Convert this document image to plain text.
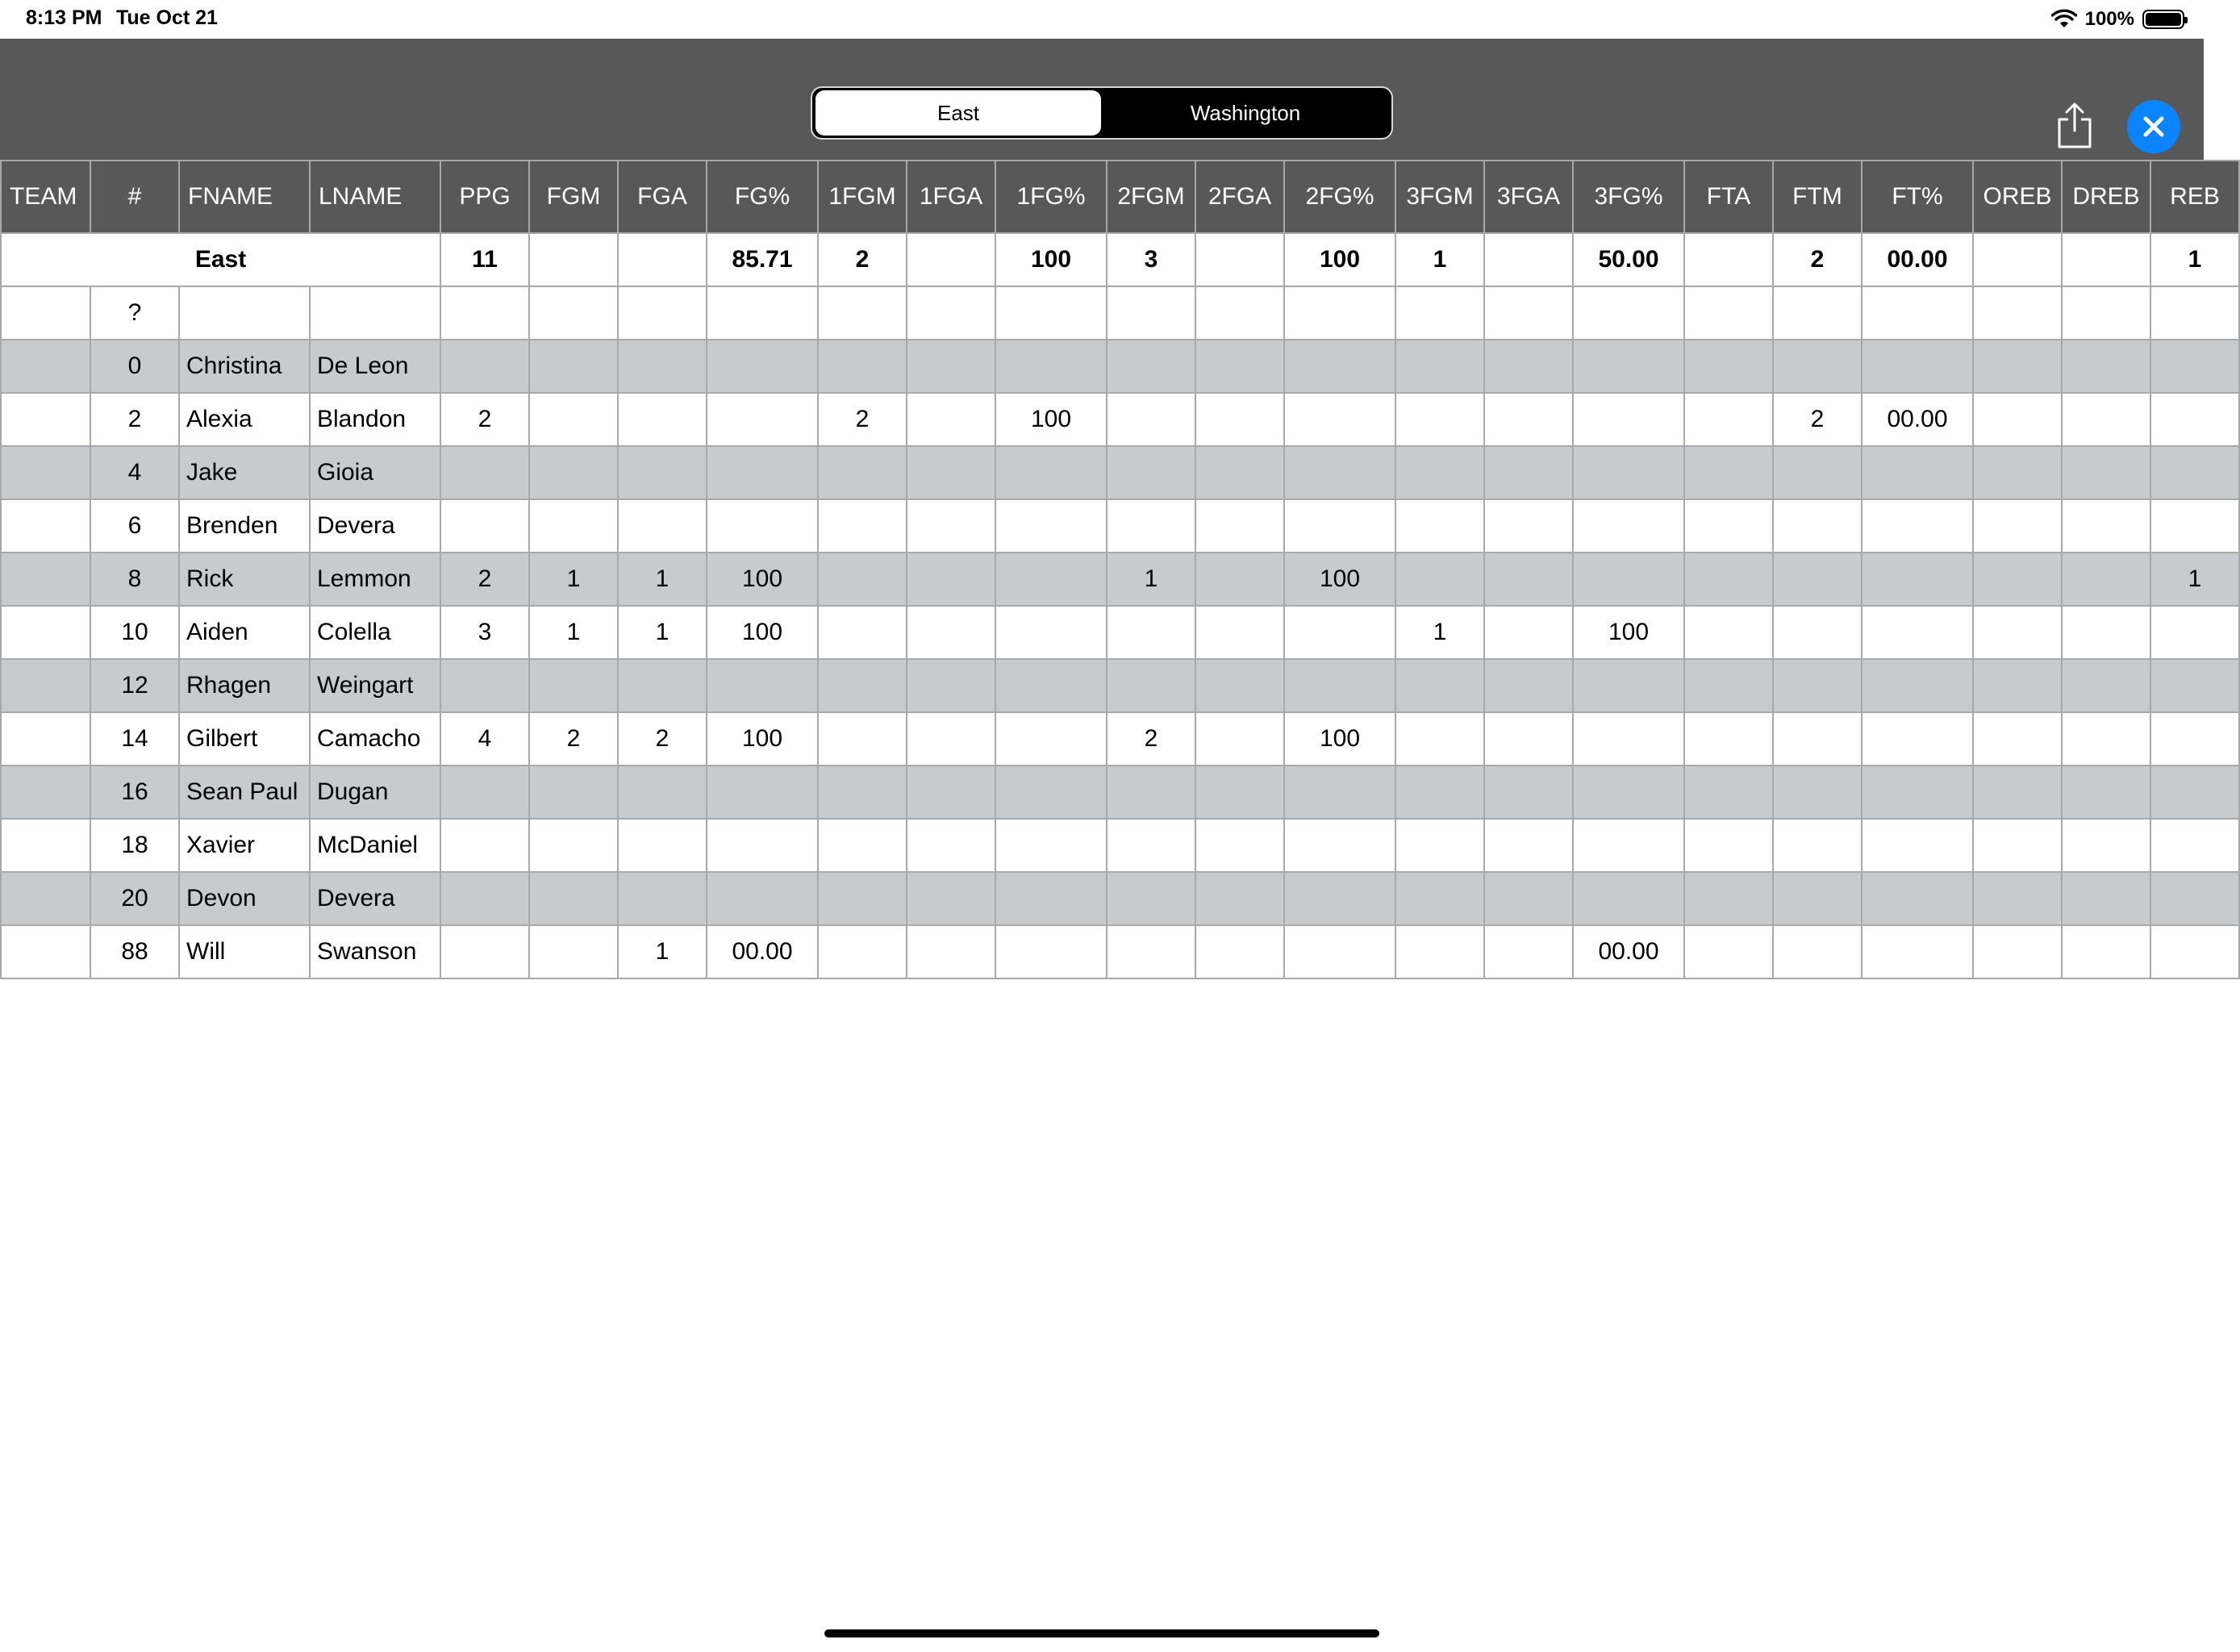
8:13 PM Tue Oct 21	100%
East	Washington
TEAM	#	FNAME	LNAME	PPG	FGM	FGA	FG%	1FGM	1FGA	1FG%	2FGM	2FGA	2FG%	3FGM	3FGA	3FG%	FTA	FTM	FT%	OREB	DREB	REB
East				11			85.71	2		100	3		100	1		50.00		2	00.00			1
	?																					
	0	Christina	De Leon																			
	2	Alexia	Blandon	2				2		100								2	00.00			
	4	Jake	Gioia																			
	6	Brenden	Devera																			
	8	Rick	Lemmon	2	1	1	100				1		100									1
	10	Aiden	Colella	3	1	1	100							1		100						
	12	Rhagen	Weingart																			
	14	Gilbert	Camacho	4	2	2	100				2		100									
	16	Sean Paul	Dugan																			
	18	Xavier	McDaniel																			
	20	Devon	Devera																			
	88	Will	Swanson			1	00.00									00.00						
